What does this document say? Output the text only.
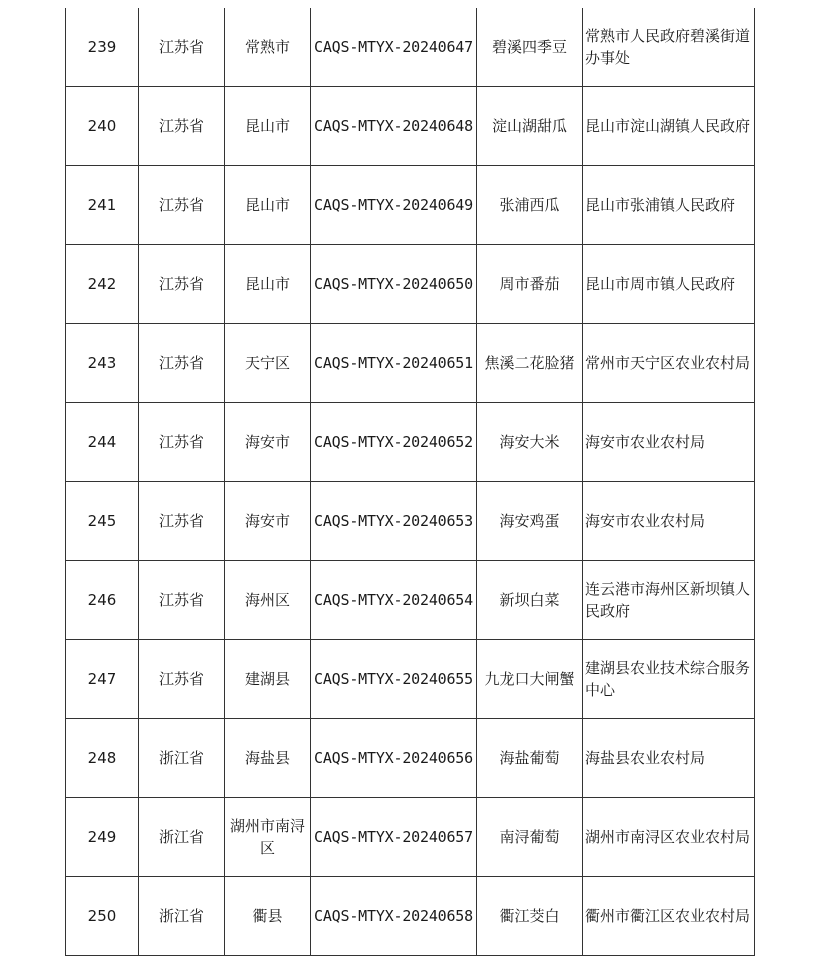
239	江苏省	常熟市	CAQS-MTYX-20240647	碧溪四季豆	常熟市人民政府碧溪街道办事处
240	江苏省	昆山市	CAQS-MTYX-20240648	淀山湖甜瓜	昆山市淀山湖镇人民政府
241	江苏省	昆山市	CAQS-MTYX-20240649	张浦西瓜	昆山市张浦镇人民政府
242	江苏省	昆山市	CAQS-MTYX-20240650	周市番茄	昆山市周市镇人民政府
243	江苏省	天宁区	CAQS-MTYX-20240651	焦溪二花脸猪	常州市天宁区农业农村局
244	江苏省	海安市	CAQS-MTYX-20240652	海安大米	海安市农业农村局
245	江苏省	海安市	CAQS-MTYX-20240653	海安鸡蛋	海安市农业农村局
246	江苏省	海州区	CAQS-MTYX-20240654	新坝白菜	连云港市海州区新坝镇人民政府
247	江苏省	建湖县	CAQS-MTYX-20240655	九龙口大闸蟹	建湖县农业技术综合服务中心
248	浙江省	海盐县	CAQS-MTYX-20240656	海盐葡萄	海盐县农业农村局
249	浙江省	湖州市南浔区	CAQS-MTYX-20240657	南浔葡萄	湖州市南浔区农业农村局
250	浙江省	衢县	CAQS-MTYX-20240658	衢江茭白	衢州市衢江区农业农村局
